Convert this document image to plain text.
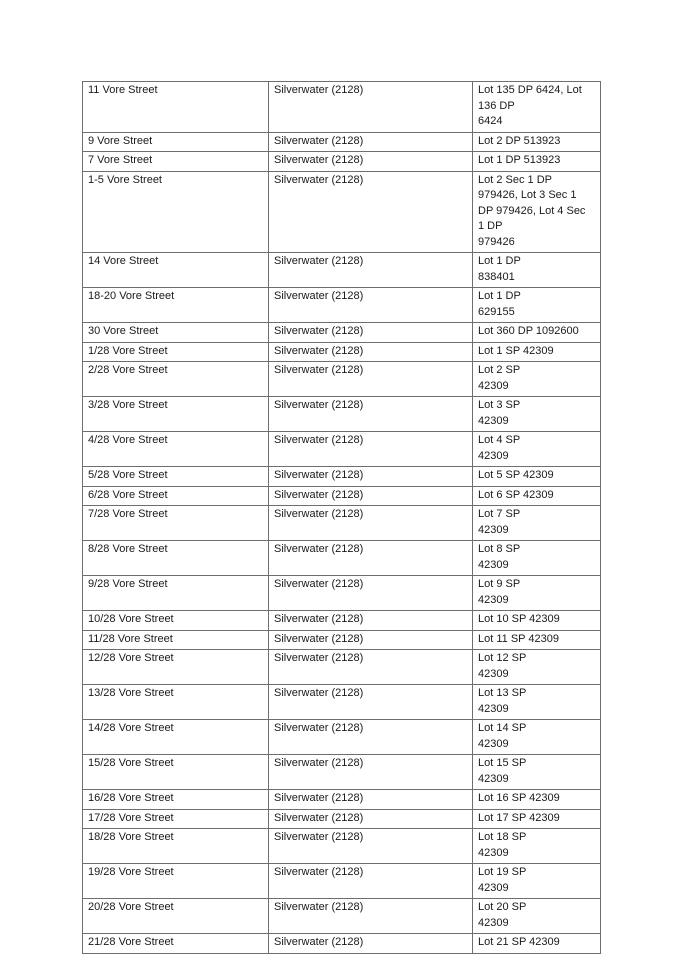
11 Vore Street	Silverwater (2128)	Lot 135 DP 6424, Lot
136 DP
6424
9 Vore Street	Silverwater (2128)	Lot 2 DP 513923
7 Vore Street	Silverwater (2128)	Lot 1 DP 513923
1-5 Vore Street	Silverwater (2128)	Lot 2 Sec 1 DP
979426, Lot 3 Sec 1
DP 979426, Lot 4 Sec
1 DP
979426
14 Vore Street	Silverwater (2128)	Lot 1 DP
838401
18-20 Vore Street	Silverwater (2128)	Lot 1 DP
629155
30 Vore Street	Silverwater (2128)	Lot 360 DP 1092600
1/28 Vore Street	Silverwater (2128)	Lot 1 SP 42309
2/28 Vore Street	Silverwater (2128)	Lot 2 SP
42309
3/28 Vore Street	Silverwater (2128)	Lot 3 SP
42309
4/28 Vore Street	Silverwater (2128)	Lot 4 SP
42309
5/28 Vore Street	Silverwater (2128)	Lot 5 SP 42309
6/28 Vore Street	Silverwater (2128)	Lot 6 SP 42309
7/28 Vore Street	Silverwater (2128)	Lot 7 SP
42309
8/28 Vore Street	Silverwater (2128)	Lot 8 SP
42309
9/28 Vore Street	Silverwater (2128)	Lot 9 SP
42309
10/28 Vore Street	Silverwater (2128)	Lot 10 SP 42309
11/28 Vore Street	Silverwater (2128)	Lot 11 SP 42309
12/28 Vore Street	Silverwater (2128)	Lot 12 SP
42309
13/28 Vore Street	Silverwater (2128)	Lot 13 SP
42309
14/28 Vore Street	Silverwater (2128)	Lot 14 SP
42309
15/28 Vore Street	Silverwater (2128)	Lot 15 SP
42309
16/28 Vore Street	Silverwater (2128)	Lot 16 SP 42309
17/28 Vore Street	Silverwater (2128)	Lot 17 SP 42309
18/28 Vore Street	Silverwater (2128)	Lot 18 SP
42309
19/28 Vore Street	Silverwater (2128)	Lot 19 SP
42309
20/28 Vore Street	Silverwater (2128)	Lot 20 SP
42309
21/28 Vore Street	Silverwater (2128)	Lot 21 SP 42309
